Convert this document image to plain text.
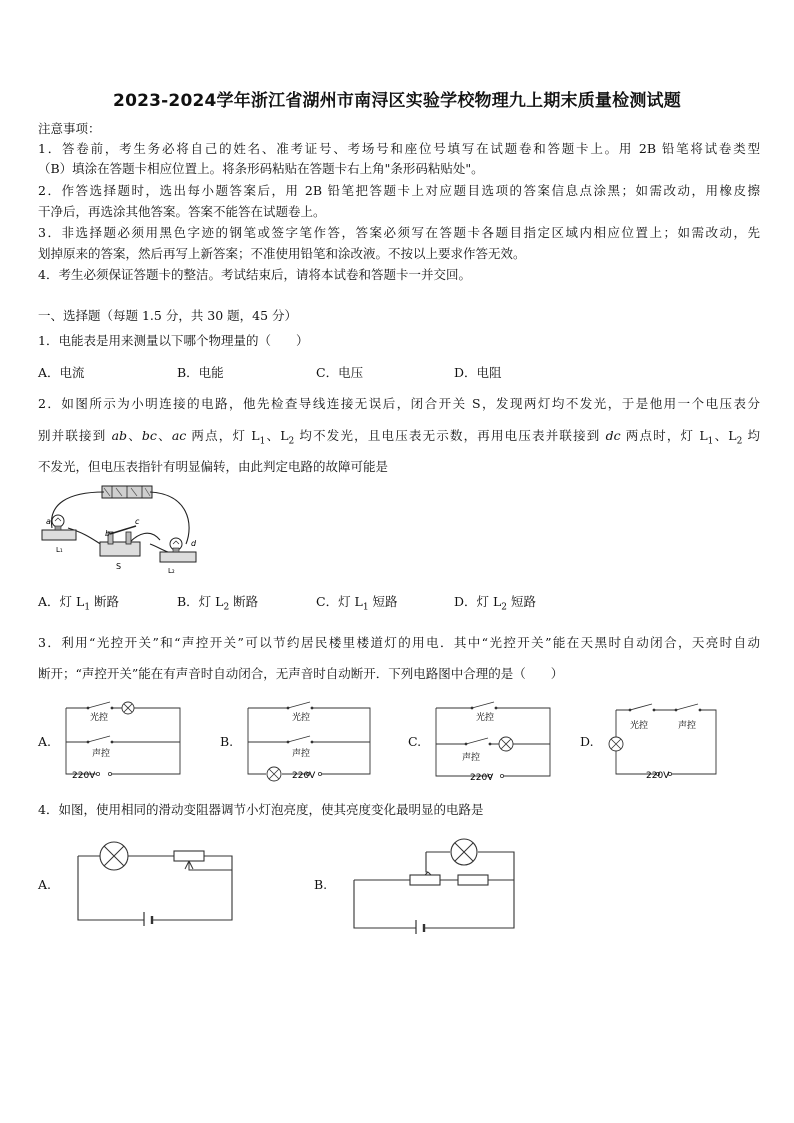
2023-2024学年浙江省湖州市南浔区实验学校物理九上期末质量检测试题
注意事项：
1．答卷前，考生务必将自己的姓名、准考证号、考场号和座位号填写在试题卷和答题卡上。用 2B 铅笔将试卷类型
（B）填涂在答题卡相应位置上。将条形码粘贴在答题卡右上角"条形码粘贴处"。
2．作答选择题时，选出每小题答案后，用 2B 铅笔把答题卡上对应题目选项的答案信息点涂黑；如需改动，用橡皮擦
干净后，再选涂其他答案。答案不能答在试题卷上。
3．非选择题必须用黑色字迹的钢笔或签字笔作答，答案必须写在答题卡各题目指定区域内相应位置上；如需改动，先
划掉原来的答案，然后再写上新答案；不准使用铅笔和涂改液。不按以上要求作答无效。
4．考生必须保证答题卡的整洁。考试结束后，请将本试卷和答题卡一并交回。
一、选择题（每题 1.5 分，共 30 题，45 分）
1．电能表是用来测量以下哪个物理量的（　　）
A．电流	B．电能	C．电压	D．电阻
2．如图所示为小明连接的电路，他先检查导线连接无误后，闭合开关 S，发现两灯均不发光，于是他用一个电压表分
别并联接到 ab、bc、ac 两点，灯 $L_1$、$L_2$ 均不发光，且电压表无示数，再用电压表并联接到 dc 两点时，灯 $L_1$、$L_2$ 均
不发光，但电压表指针有明显偏转，由此判定电路的故障可能是
a
b
c
d
L₁
S	L₂
A．灯 $L_1$ 断路	B．灯 $L_2$ 断路	C．灯 $L_1$ 短路	D．灯 $L_2$ 短路
3．利用“光控开关”和“声控开关”可以节约居民楼里楼道灯的用电．其中“光控开关”能在天黑时自动闭合，天亮时自动
断开；“声控开关”能在有声音时自动闭合，无声音时自动断开．下列电路图中合理的是（　　）
A.
光控
声控
220V
B.
光控
声控
220V
C.
光控
声控
220V
D.
光控	声控
220V
4．如图，使用相同的滑动变阻器调节小灯泡亮度，使其亮度变化最明显的电路是
A.	B.
